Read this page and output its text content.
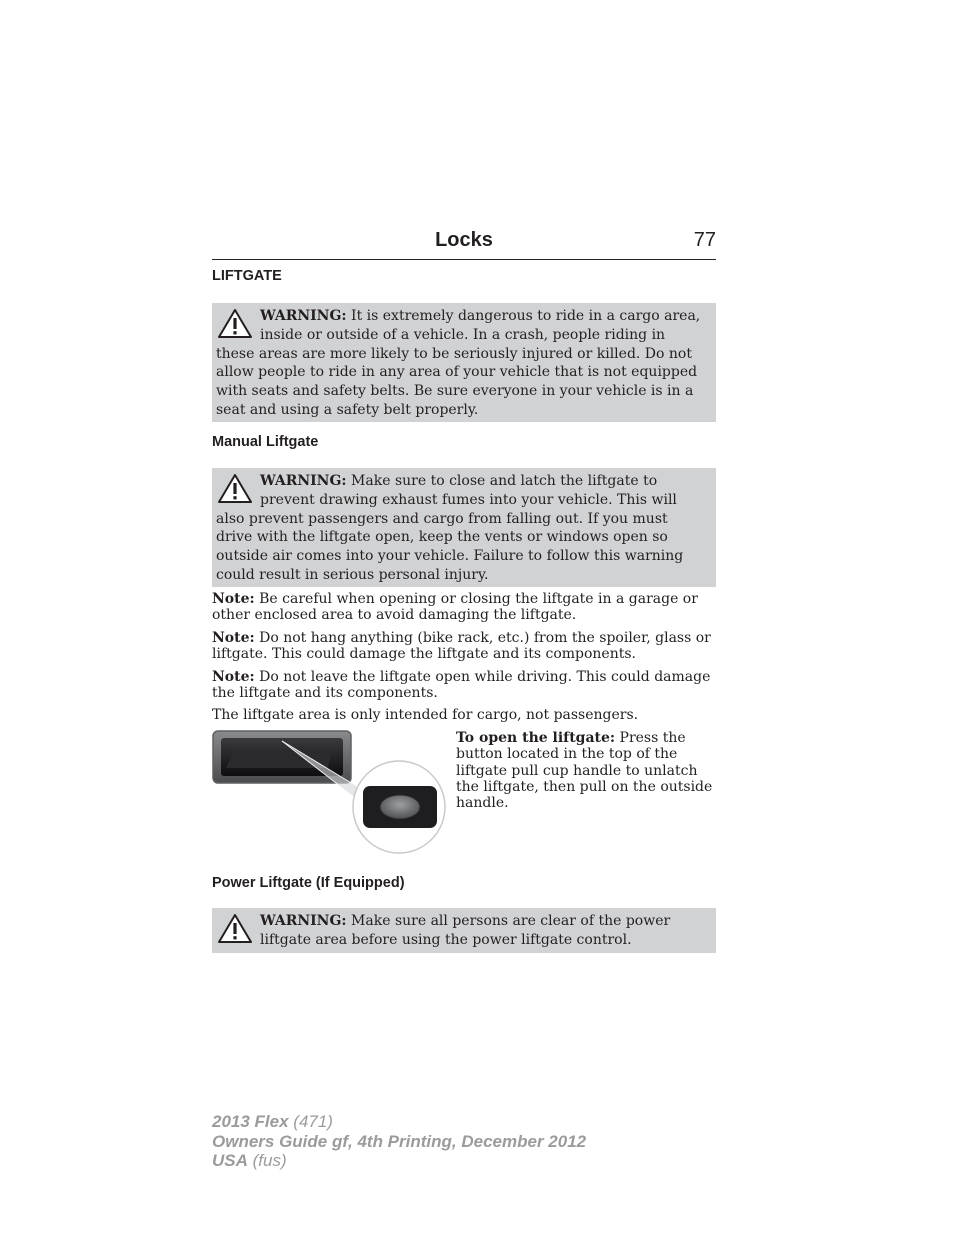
Locks	77
LIFTGATE
WARNING: It is extremely dangerous to ride in a cargo area, inside or outside of a vehicle. In a crash, people riding in these areas are more likely to be seriously injured or killed. Do not allow people to ride in any area of your vehicle that is not equipped with seats and safety belts. Be sure everyone in your vehicle is in a seat and using a safety belt properly.
Manual Liftgate
WARNING: Make sure to close and latch the liftgate to prevent drawing exhaust fumes into your vehicle. This will also prevent passengers and cargo from falling out. If you must drive with the liftgate open, keep the vents or windows open so outside air comes into your vehicle. Failure to follow this warning could result in serious personal injury.
Note: Be careful when opening or closing the liftgate in a garage or other enclosed area to avoid damaging the liftgate.
Note: Do not hang anything (bike rack, etc.) from the spoiler, glass or liftgate. This could damage the liftgate and its components.
Note: Do not leave the liftgate open while driving. This could damage the liftgate and its components.
The liftgate area is only intended for cargo, not passengers.
To open the liftgate: Press the button located in the top of the liftgate pull cup handle to unlatch the liftgate, then pull on the outside handle.
Power Liftgate (If Equipped)
WARNING: Make sure all persons are clear of the power liftgate area before using the power liftgate control.
2013 Flex (471)
Owners Guide gf, 4th Printing, December 2012
USA (fus)
